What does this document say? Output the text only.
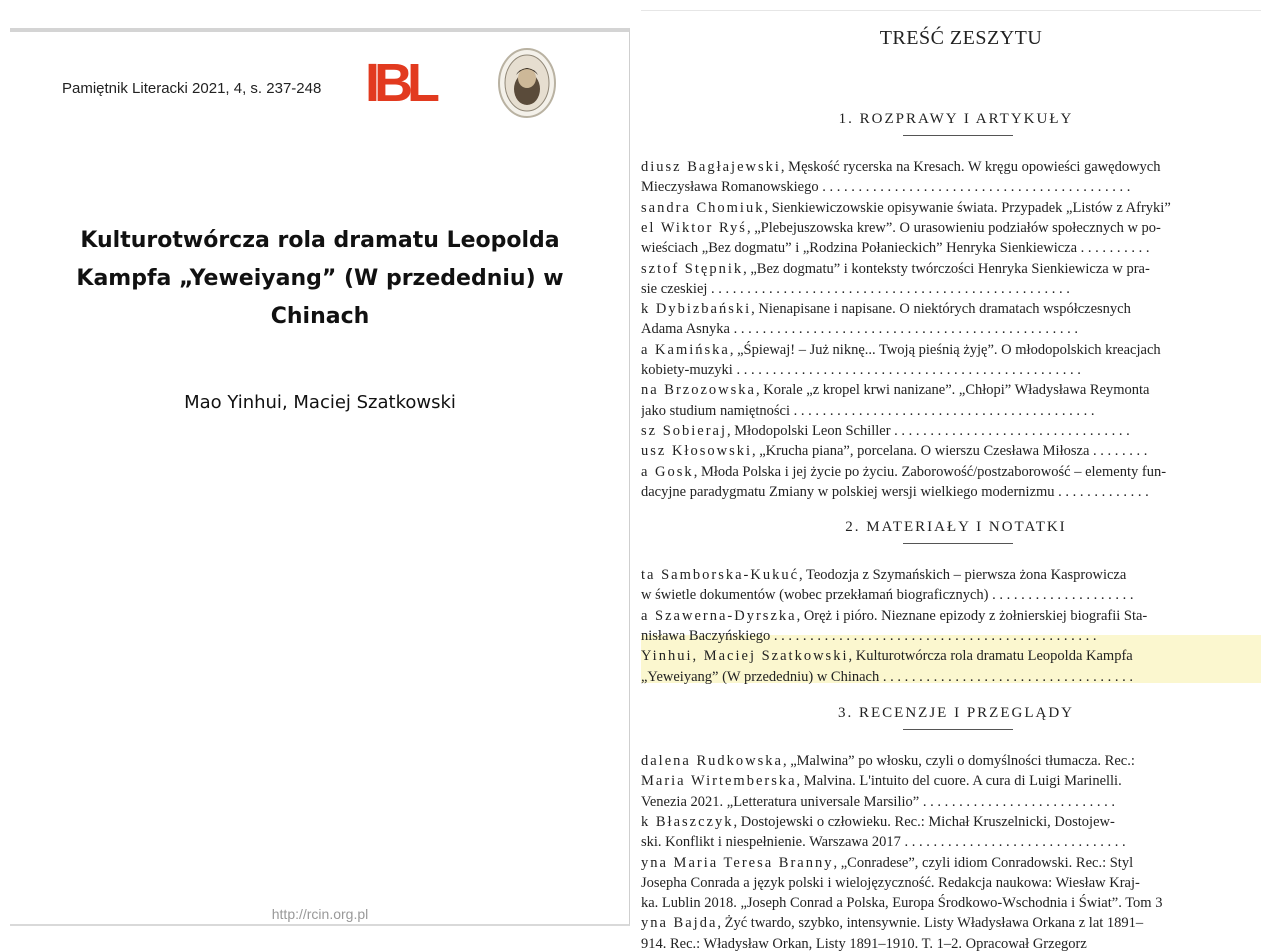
Pamiętnik Literacki 2021, 4, s. 237-248 IBL
Kulturotwórcza rola dramatu Leopolda
Kampfa „Yeweiyang” (W przededniu) w
Chinach
Mao Yinhui, Maciej Szatkowski
http://rcin.org.pl
TREŚĆ ZESZYTU
1. ROZPRAWY I ARTYKUŁY
diusz Bagłajewski, Męskość rycerska na Kresach. W kręgu opowieści gawędowych
Mieczysława Romanowskiego . . . . . . . . . . . . . . . . . . . . . . . . . . . . . . . . . . . . . . . . . . .
sandra Chomiuk, Sienkiewiczowskie opisywanie świata. Przypadek „Listów z Afryki”
el Wiktor Ryś, „Plebejuszowska krew”. O urasowieniu podziałów społecznych w po-
wieściach „Bez dogmatu” i „Rodzina Połanieckich” Henryka Sienkiewicza . . . . . . . . . .
sztof Stępnik, „Bez dogmatu” i konteksty twórczości Henryka Sienkiewicza w pra-
sie czeskiej . . . . . . . . . . . . . . . . . . . . . . . . . . . . . . . . . . . . . . . . . . . . . . . . . .
k Dybizbański, Nienapisane i napisane. O niektórych dramatach współczesnych
Adama Asnyka . . . . . . . . . . . . . . . . . . . . . . . . . . . . . . . . . . . . . . . . . . . . . . . .
a Kamińska, „Śpiewaj! – Już niknę... Twoją pieśnią żyję”. O młodopolskich kreacjach
kobiety-muzyki . . . . . . . . . . . . . . . . . . . . . . . . . . . . . . . . . . . . . . . . . . . . . . . .
na Brzozowska, Korale „z kropel krwi nanizane”. „Chłopi” Władysława Reymonta
jako studium namiętności . . . . . . . . . . . . . . . . . . . . . . . . . . . . . . . . . . . . . . . . . .
sz Sobieraj, Młodopolski Leon Schiller . . . . . . . . . . . . . . . . . . . . . . . . . . . . . . . . .
usz Kłosowski, „Krucha piana”, porcelana. O wierszu Czesława Miłosza . . . . . . . .
a Gosk, Młoda Polska i jej życie po życiu. Zaborowość/postzaborowość – elementy fun-
dacyjne paradygmatu Zmiany w polskiej wersji wielkiego modernizmu . . . . . . . . . . . . .
2. MATERIAŁY I NOTATKI
ta Samborska-Kukuć, Teodozja z Szymańskich – pierwsza żona Kasprowicza
w świetle dokumentów (wobec przekłamań biograficznych) . . . . . . . . . . . . . . . . . . . .
a Szawerna-Dyrszka, Oręż i pióro. Nieznane epizody z żołnierskiej biografii Sta-
nisława Baczyńskiego . . . . . . . . . . . . . . . . . . . . . . . . . . . . . . . . . . . . . . . . . . . . .
Yinhui, Maciej Szatkowski, Kulturotwórcza rola dramatu Leopolda Kampfa
„Yeweiyang” (W przededniu) w Chinach . . . . . . . . . . . . . . . . . . . . . . . . . . . . . . . . . . .
3. RECENZJE I PRZEGLĄDY
dalena Rudkowska, „Malwina” po włosku, czyli o domyślności tłumacza. Rec.:
Maria Wirtemberska, Malvina. L'intuito del cuore. A cura di Luigi Marinelli.
Venezia 2021. „Letteratura universale Marsilio” . . . . . . . . . . . . . . . . . . . . . . . . . . .
k Błaszczyk, Dostojewski o człowieku. Rec.: Michał Kruszelnicki, Dostojew-
ski. Konflikt i niespełnienie. Warszawa 2017 . . . . . . . . . . . . . . . . . . . . . . . . . . . . . . .
yna Maria Teresa Branny, „Conradese”, czyli idiom Conradowski. Rec.: Styl
Josepha Conrada a język polski i wielojęzyczność. Redakcja naukowa: Wiesław Kraj-
ka. Lublin 2018. „Joseph Conrad a Polska, Europa Środkowo-Wschodnia i Świat”. Tom 3
yna Bajda, Żyć twardo, szybko, intensywnie. Listy Władysława Orkana z lat 1891–
914. Rec.: Władysław Orkan, Listy 1891–1910. T. 1–2. Opracował Grzegorz
